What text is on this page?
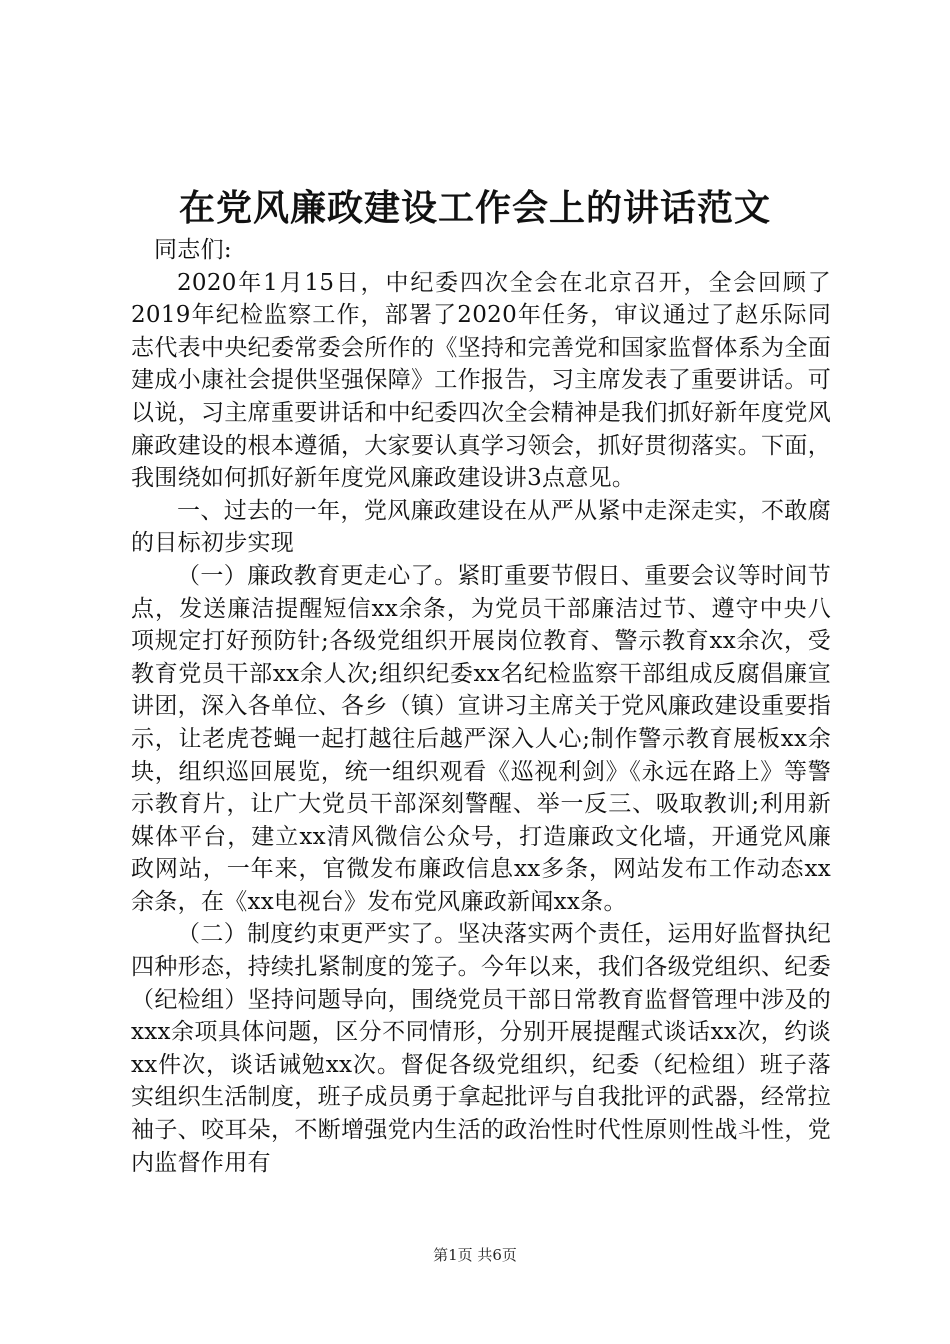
在党风廉政建设工作会上的讲话范文

同志们:

2020年1月15日，中纪委四次全会在北京召开，全会回顾了2019年纪检监察工作，部署了2020年任务，审议通过了赵乐际同志代表中央纪委常委会所作的《坚持和完善党和国家监督体系为全面建成小康社会提供坚强保障》工作报告，习主席发表了重要讲话。可以说，习主席重要讲话和中纪委四次全会精神是我们抓好新年度党风廉政建设的根本遵循，大家要认真学习领会，抓好贯彻落实。下面，我围绕如何抓好新年度党风廉政建设讲3点意见。

一、过去的一年，党风廉政建设在从严从紧中走深走实，不敢腐的目标初步实现

（一）廉政教育更走心了。紧盯重要节假日、重要会议等时间节点，发送廉洁提醒短信xx余条，为党员干部廉洁过节、遵守中央八项规定打好预防针;各级党组织开展岗位教育、警示教育xx余次，受教育党员干部xx余人次;组织纪委xx名纪检监察干部组成反腐倡廉宣讲团，深入各单位、各乡（镇）宣讲习主席关于党风廉政建设重要指示，让老虎苍蝇一起打越往后越严深入人心;制作警示教育展板xx余块，组织巡回展览，统一组织观看《巡视利剑》《永远在路上》等警示教育片，让广大党员干部深刻警醒、举一反三、吸取教训;利用新媒体平台，建立xx清风微信公众号，打造廉政文化墙，开通党风廉政网站，一年来，官微发布廉政信息xx多条，网站发布工作动态xx余条，在《xx电视台》发布党风廉政新闻xx条。

（二）制度约束更严实了。坚决落实两个责任，运用好监督执纪四种形态，持续扎紧制度的笼子。今年以来，我们各级党组织、纪委（纪检组）坚持问题导向，围绕党员干部日常教育监督管理中涉及的xxx余项具体问题，区分不同情形，分别开展提醒式谈话xx次，约谈xx件次，谈话诫勉xx次。督促各级党组织，纪委（纪检组）班子落实组织生活制度，班子成员勇于拿起批评与自我批评的武器，经常拉袖子、咬耳朵，不断增强党内生活的政治性时代性原则性战斗性，党内监督作用有

第1页 共6页
